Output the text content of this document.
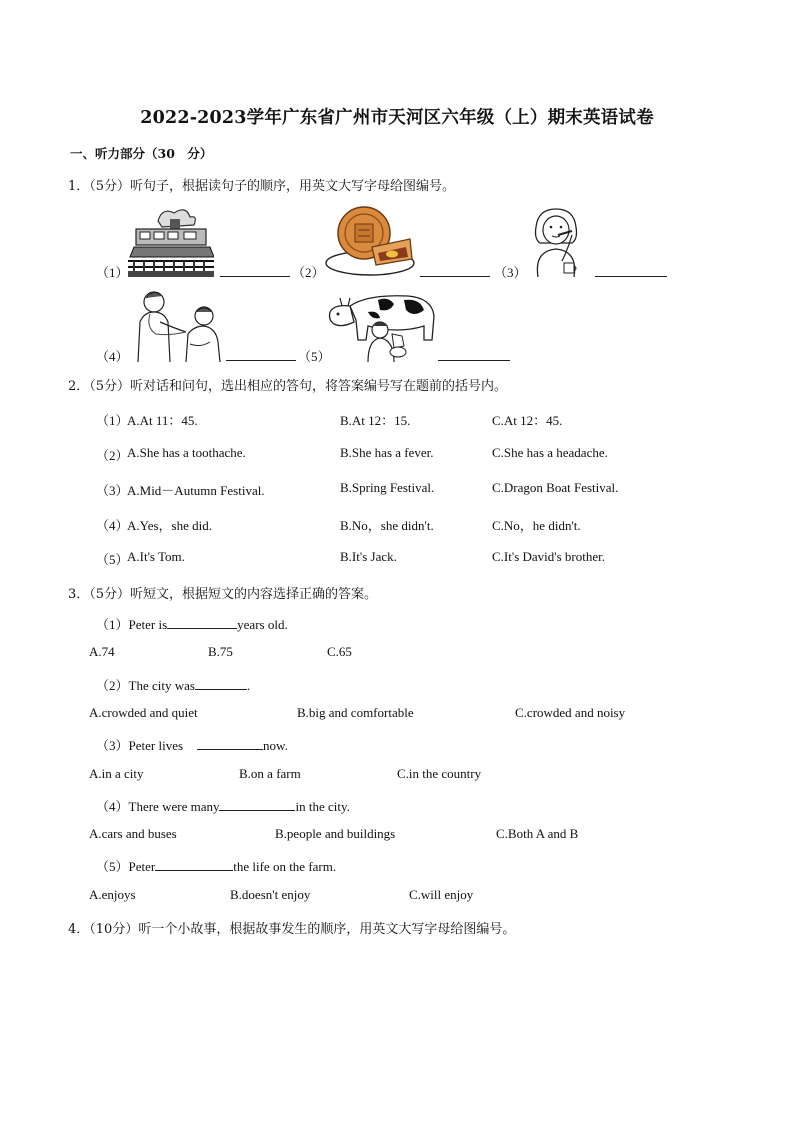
2022-2023学年广东省广州市天河区六年级（上）期末英语试卷
一、听力部分（30　分）
1．（5分）听句子，根据读句子的顺序，用英文大写字母给图编号。
（1）	（2）	（3）
（4）	（5）
2．（5分）听对话和问句，选出相应的答句，将答案编号写在题前的括号内。
（1）
A.At 11：45.	B.At 12：15.	C.At 12：45.
（2）
A.She has a toothache.	B.She has a fever.	C.She has a headache.
（3）
A.Mid－Autumn Festival.	B.Spring Festival.	C.Dragon Boat Festival.
（4）
A.Yes，she did.	B.No，she didn't.	C.No，he didn't.
（5）
A.It's Tom.	B.It's Jack.	C.It's David's brother.
3．（5分）听短文，根据短文的内容选择正确的答案。
（1）Peter is	years old.
A.74	B.75	C.65
（2）The city was	.
A.crowded and quiet	B.big and comfortable	C.crowded and noisy
（3）Peter lives	now.
A.in a city	B.on a farm	C.in the country
（4）There were many	in the city.
A.cars and buses	B.people and buildings	C.Both A and B
（5）Peter	the life on the farm.
A.enjoys	B.doesn't enjoy	C.will enjoy
4．（10分）听一个小故事，根据故事发生的顺序，用英文大写字母给图编号。
